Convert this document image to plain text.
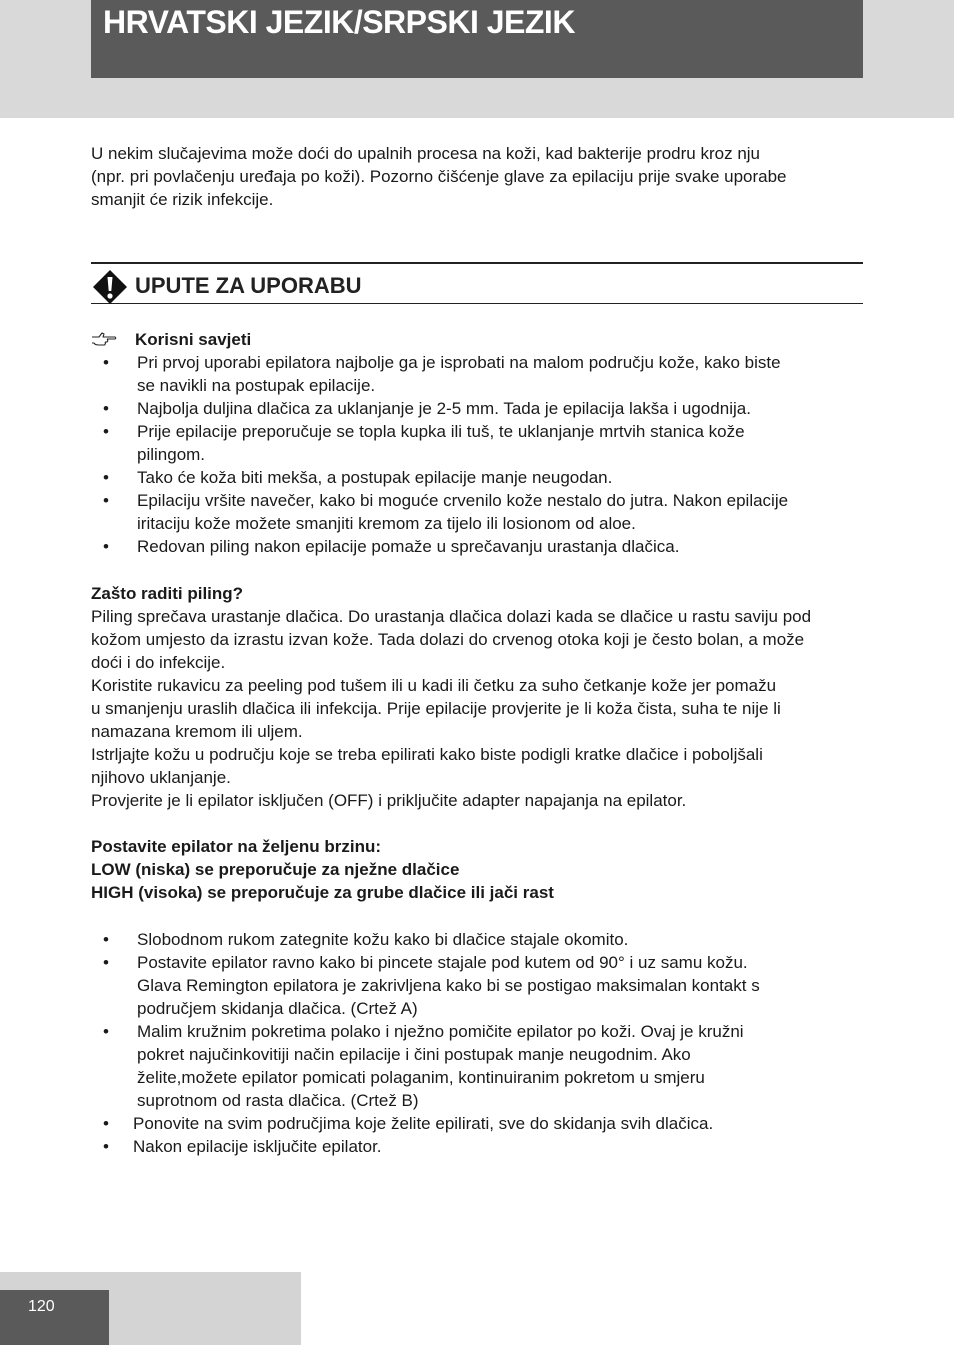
HRVATSKI JEZIK/SRPSKI JEZIK

U nekim slučajevima može doći do upalnih procesa na koži, kad bakterije prodru kroz nju

(npr. pri povlačenju uređaja po koži). Pozorno čišćenje glave za epilaciju prije svake uporabe

smanjit će rizik infekcije.

UPUTE ZA UPORABU
Korisni savjeti
• Pri prvoj uporabi epilatora najbolje ga je isprobati na malom području kože, kako biste
se navikli na postupak epilacije.
• Najbolja duljina dlačica za uklanjanje je 2-5 mm. Tada je epilacija lakša i ugodnija.
• Prije epilacije preporučuje se topla kupka ili tuš, te uklanjanje mrtvih stanica kože
pilingom.
• Tako će koža biti mekša, a postupak epilacije manje neugodan.
• Epilaciju vršite navečer, kako bi moguće crvenilo kože nestalo do jutra. Nakon epilacije
iritaciju kože možete smanjiti kremom za tijelo ili losionom od aloe.
• Redovan piling nakon epilacije pomaže u sprečavanju urastanja dlačica.

Zašto raditi piling?

Piling sprečava urastanje dlačica. Do urastanja dlačica dolazi kada se dlačice u rastu saviju pod

kožom umjesto da izrastu izvan kože. Tada dolazi do crvenog otoka koji je često bolan, a može

doći i do infekcije.

Koristite rukavicu za peeling pod tušem ili u kadi ili četku za suho četkanje kože jer pomažu

u smanjenju uraslih dlačica ili infekcija. Prije epilacije provjerite je li koža čista, suha te nije li

namazana kremom ili uljem.

Istrljajte kožu u području koje se treba epilirati kako biste podigli kratke dlačice i poboljšali

njihovo uklanjanje.

Provjerite je li epilator isključen (OFF) i priključite adapter napajanja na epilator.

Postavite epilator na željenu brzinu:

LOW (niska) se preporučuje za nježne dlačice

HIGH (visoka) se preporučuje za grube dlačice ili jači rast

• Slobodnom rukom zategnite kožu kako bi dlačice stajale okomito.
• Postavite epilator ravno kako bi pincete stajale pod kutem od 90° i uz samu kožu.
Glava Remington epilatora je zakrivljena kako bi se postigao maksimalan kontakt s
područjem skidanja dlačica. (Crtež A)
• Malim kružnim pokretima polako i nježno pomičite epilator po koži. Ovaj je kružni
pokret najučinkovitiji način epilacije i čini postupak manje neugodnim. Ako
želite,možete epilator pomicati polaganim, kontinuiranim pokretom u smjeru
suprotnom od rasta dlačica. (Crtež B)
• Ponovite na svim područjima koje želite epilirati, sve do skidanja svih dlačica.
• Nakon epilacije isključite epilator.
120
